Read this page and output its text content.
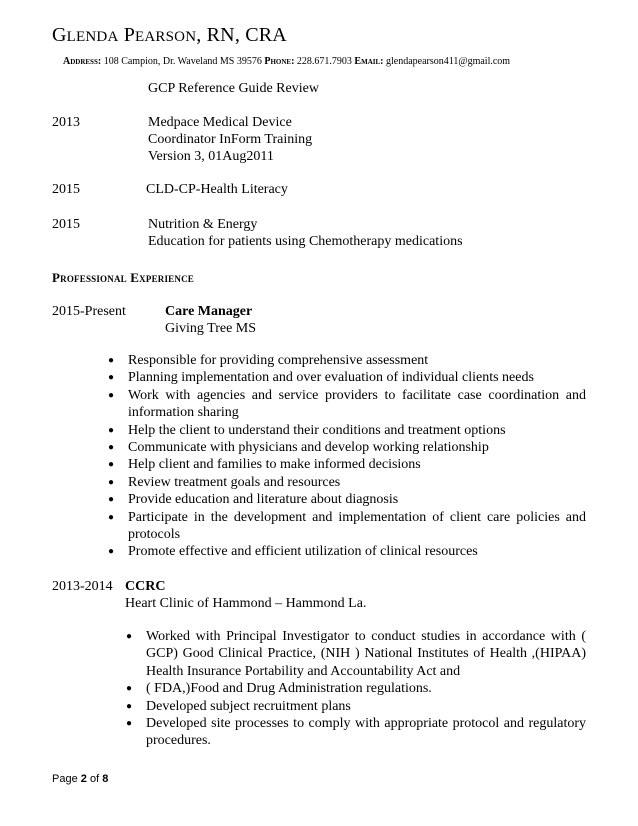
GLENDA PEARSON, RN, CRA
Address: 108 Campion, Dr. Waveland MS 39576 Phone: 228.671.7903 Email: glendapearson411@gmail.com
GCP Reference Guide Review
2013	Medpace Medical Device
Coordinator InForm Training
Version 3, 01Aug2011
2015	CLD-CP-Health Literacy
2015	Nutrition & Energy
Education for patients using Chemotherapy medications
Professional Experience
2015-Present	Care Manager
Giving Tree MS
● Responsible for providing comprehensive assessment
● Planning implementation and over evaluation of individual clients needs
● Work with agencies and service providers to facilitate case coordination and information sharing
● Help the client to understand their conditions and treatment options
● Communicate with physicians and develop working relationship
● Help client and families to make informed decisions
● Review treatment goals and resources
● Provide education and literature about diagnosis
● Participate in the development and implementation of client care policies and protocols
● Promote effective and efficient utilization of clinical resources
2013-2014 CCRC
Heart Clinic of Hammond – Hammond La.
● Worked with Principal Investigator to conduct studies in accordance with ( GCP) Good Clinical Practice, (NIH ) National Institutes of Health ,(HIPAA) Health Insurance Portability and Accountability Act and
● ( FDA,)Food and Drug Administration regulations.
● Developed subject recruitment plans
● Developed site processes to comply with appropriate protocol and regulatory procedures.
Page 2 of 8
